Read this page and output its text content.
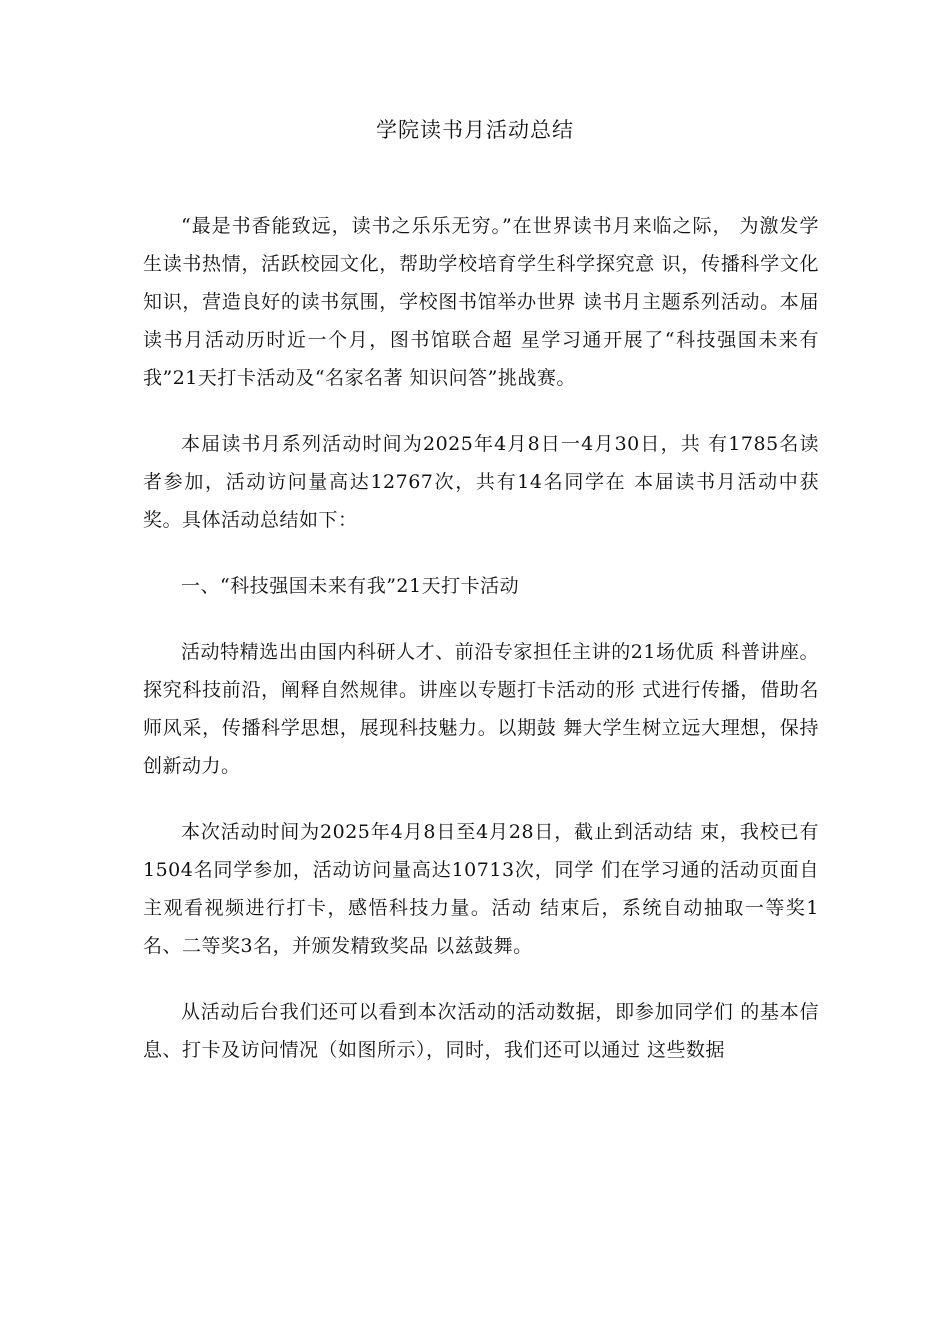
学院读书月活动总结

“最是书香能致远，读书之乐乐无穷。”在世界读书月来临之际， 为激发学生读书热情，活跃校园文化，帮助学校培育学生科学探究意 识，传播科学文化知识，营造良好的读书氛围，学校图书馆举办世界 读书月主题系列活动。本届读书月活动历时近一个月，图书馆联合超 星学习通开展了“科技强国未来有我”21天打卡活动及“名家名著 知识问答”挑战赛。

本届读书月系列活动时间为2025年4月8日一4月30日，共 有1785名读者参加，活动访问量高达12767次，共有14名同学在 本届读书月活动中获奖。具体活动总结如下：

一、“科技强国未来有我”21天打卡活动

活动特精选出由国内科研人才、前沿专家担任主讲的21场优质 科普讲座。探究科技前沿，阐释自然规律。讲座以专题打卡活动的形 式进行传播，借助名师风采，传播科学思想，展现科技魅力。以期鼓 舞大学生树立远大理想，保持创新动力。

本次活动时间为2025年4月8日至4月28日，截止到活动结 束，我校已有1504名同学参加，活动访问量高达10713次，同学 们在学习通的活动页面自主观看视频进行打卡，感悟科技力量。活动 结束后，系统自动抽取一等奖1名、二等奖3名，并颁发精致奖品 以兹鼓舞。

从活动后台我们还可以看到本次活动的活动数据，即参加同学们 的基本信息、打卡及访问情况（如图所示），同时，我们还可以通过 这些数据
